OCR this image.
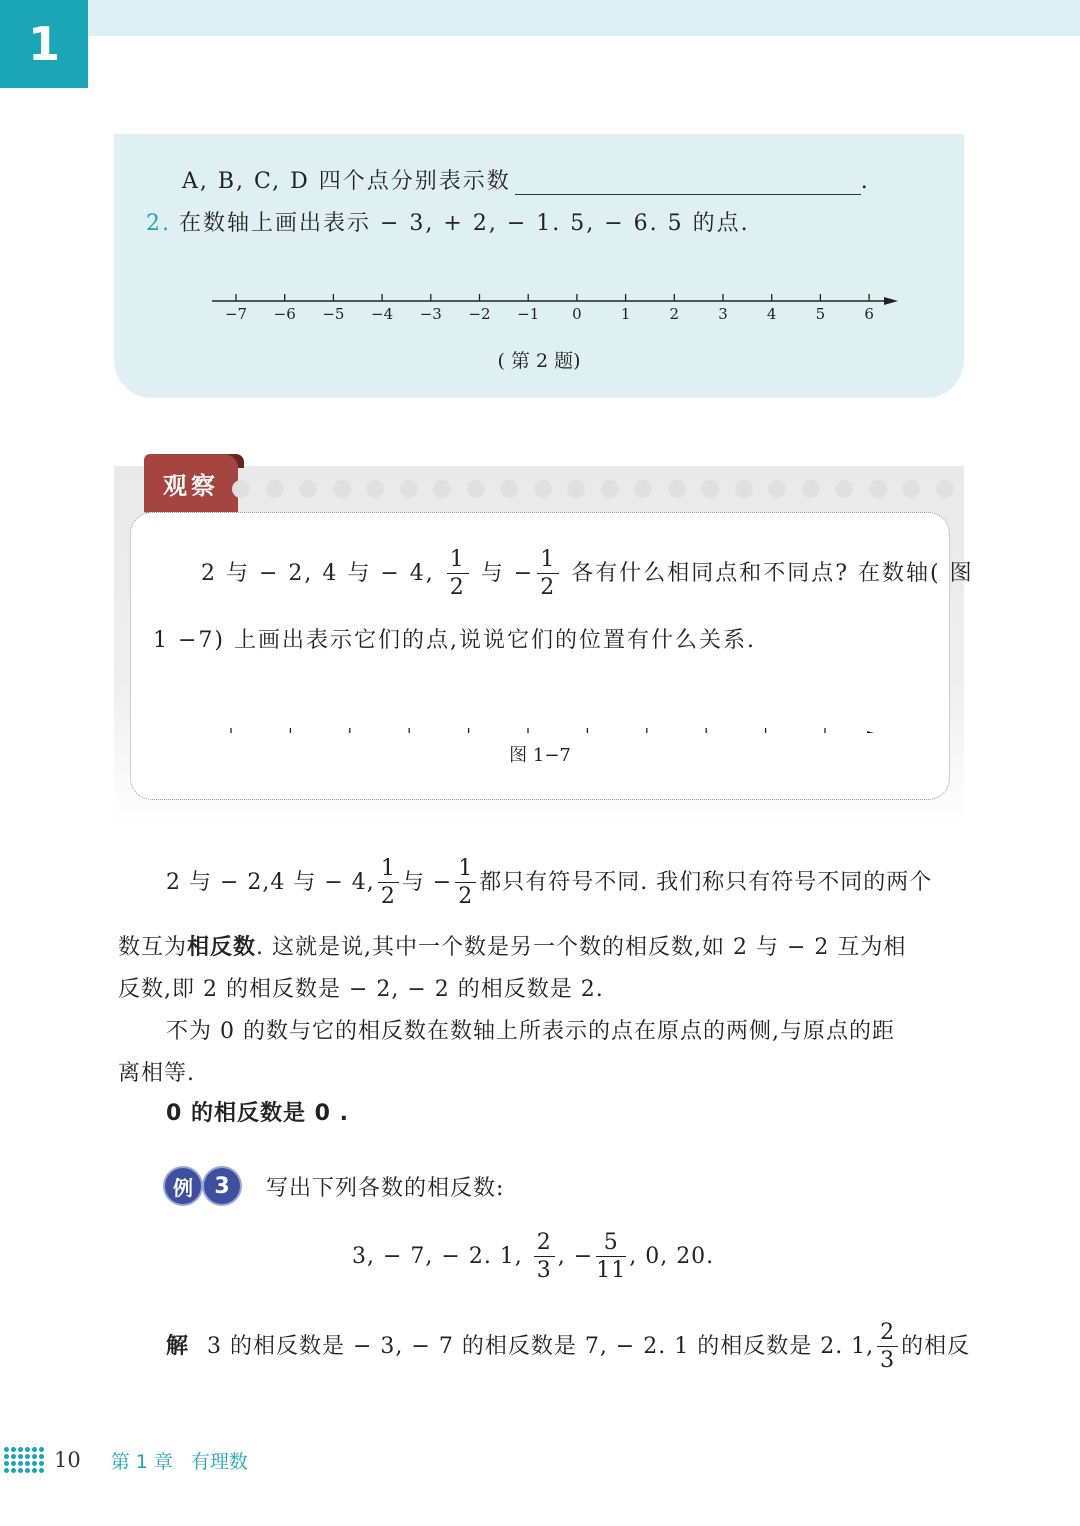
1
A, B, C, D 四个点分别表示数	.
2. 在数轴上画出表示 − 3, + 2, − 1. 5, − 6. 5 的点.
−7 −6 −5 −4 −3 −2 −1 0	1	2	3	4	5	6
( 第 2 题)
观察
2 与 − 2, 4 与 − 4, $\frac{1}{2}$ 与 − $\frac{1}{2}$ 各有什么相同点和不同点? 在数轴( 图
1 −7) 上画出表示它们的点,说说它们的位置有什么关系.
图 1−7
2 与 − 2,4 与 − 4, $\frac{1}{2}$ 与 − $\frac{1}{2}$ 都只有符号不同. 我们称只有符号不同的两个
数互为相反数. 这就是说,其中一个数是另一个数的相反数,如 2 与 − 2 互为相
反数,即 2 的相反数是 − 2, − 2 的相反数是 2.
不为 0 的数与它的相反数在数轴上所表示的点在原点的两侧,与原点的距
离相等.
0 的相反数是 0 .
例 3	写出下列各数的相反数:
3, − 7, − 2. 1, $\frac{2}{3}$ , − $\frac{5}{11}$ , 0, 20.
解 3 的相反数是 − 3, − 7 的相反数是 7, − 2. 1 的相反数是 2. 1, $\frac{2}{3}$ 的相反
10 第 1 章 有理数
